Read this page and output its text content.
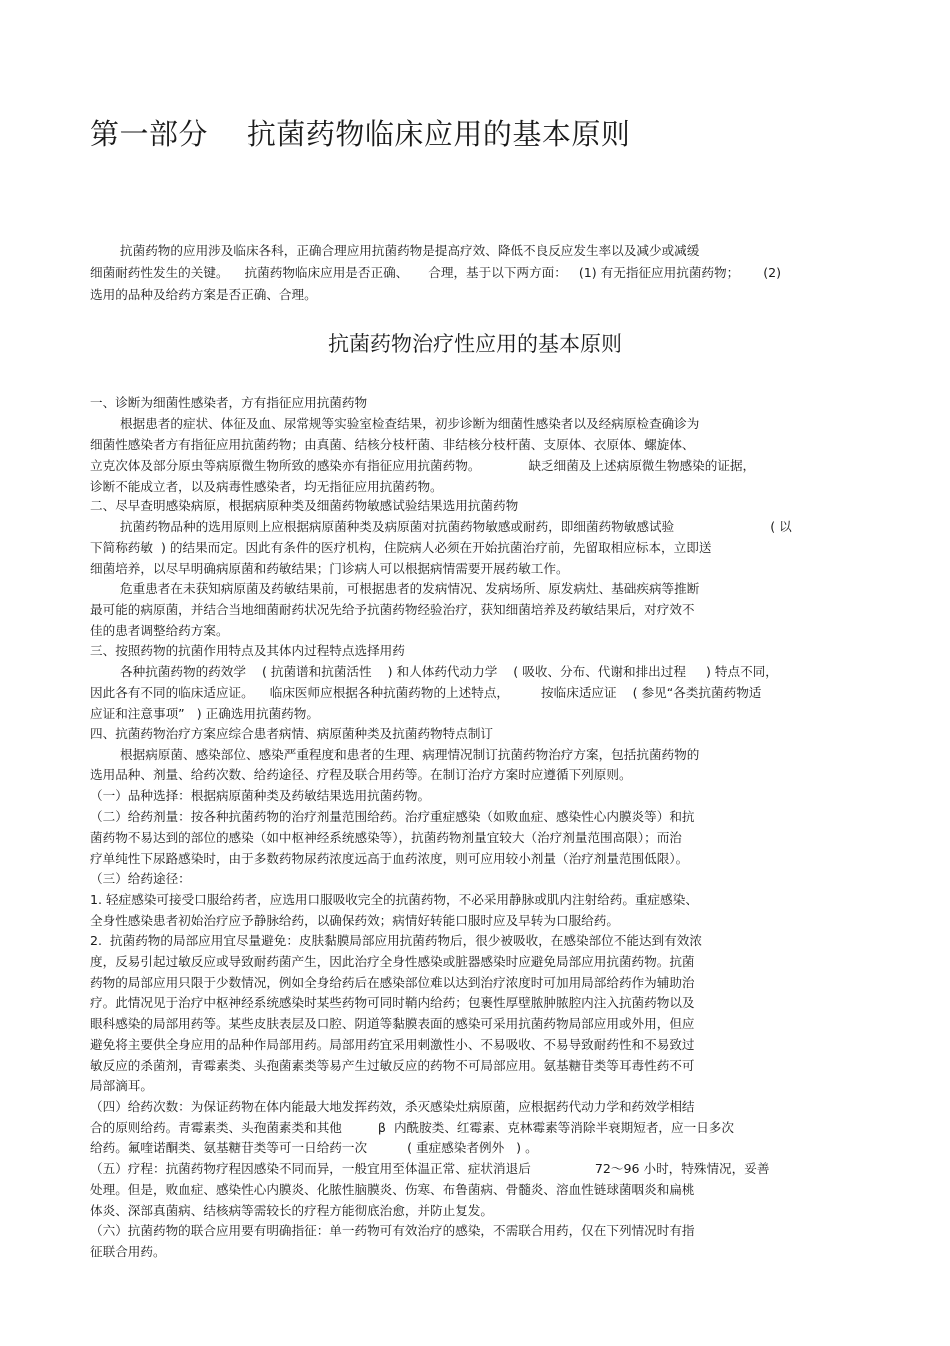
第一部分    抗菌药物临床应用的基本原则

抗菌药物的应用涉及临床各科，正确合理应用抗菌药物是提高疗效、降低不良反应发生率以及减少或减缓

细菌耐药性发生的关键。    抗菌药物临床应用是否正确、     合理，基于以下两方面：   (1) 有无指征应用抗菌药物；      (2)

选用的品种及给药方案是否正确、合理。

抗菌药物治疗性应用的基本原则

一、诊断为细菌性感染者，方有指征应用抗菌药物

根据患者的症状、体征及血、尿常规等实验室检查结果，初步诊断为细菌性感染者以及经病原检查确诊为

细菌性感染者方有指征应用抗菌药物；由真菌、结核分枝杆菌、非结核分枝杆菌、支原体、衣原体、螺旋体、

立克次体及部分原虫等病原微生物所致的感染亦有指征应用抗菌药物。            缺乏细菌及上述病原微生物感染的证据，

诊断不能成立者，以及病毒性感染者，均无指征应用抗菌药物。

二、尽早查明感染病原，根据病原种类及细菌药物敏感试验结果选用抗菌药物

抗菌药物品种的选用原则上应根据病原菌种类及病原菌对抗菌药物敏感或耐药，即细菌药物敏感试验                        ( 以

下简称药敏  ) 的结果而定。因此有条件的医疗机构，住院病人必须在开始抗菌治疗前，先留取相应标本，立即送

细菌培养，以尽早明确病原菌和药敏结果；门诊病人可以根据病情需要开展药敏工作。

危重患者在未获知病原菌及药敏结果前，可根据患者的发病情况、发病场所、原发病灶、基础疾病等推断

最可能的病原菌，并结合当地细菌耐药状况先给予抗菌药物经验治疗，获知细菌培养及药敏结果后，对疗效不

佳的患者调整给药方案。

三、按照药物的抗菌作用特点及其体内过程特点选择用药

各种抗菌药物的药效学    ( 抗菌谱和抗菌活性    ) 和人体药代动力学    ( 吸收、分布、代谢和排出过程     ) 特点不同，

因此各有不同的临床适应证。    临床医师应根据各种抗菌药物的上述特点，        按临床适应证    ( 参见“各类抗菌药物适

应证和注意事项”   ) 正确选用抗菌药物。

四、抗菌药物治疗方案应综合患者病情、病原菌种类及抗菌药物特点制订

根据病原菌、感染部位、感染严重程度和患者的生理、病理情况制订抗菌药物治疗方案，包括抗菌药物的

选用品种、剂量、给药次数、给药途径、疗程及联合用药等。在制订治疗方案时应遵循下列原则。

（一）品种选择：根据病原菌种类及药敏结果选用抗菌药物。

（二）给药剂量：按各种抗菌药物的治疗剂量范围给药。治疗重症感染（如败血症、感染性心内膜炎等）和抗

菌药物不易达到的部位的感染（如中枢神经系统感染等），抗菌药物剂量宜较大（治疗剂量范围高限）；而治

疗单纯性下尿路感染时，由于多数药物尿药浓度远高于血药浓度，则可应用较小剂量（治疗剂量范围低限）。

（三）给药途径：

1. 轻症感染可接受口服给药者，应选用口服吸收完全的抗菌药物，不必采用静脉或肌内注射给药。重症感染、

全身性感染患者初始治疗应予静脉给药，以确保药效；病情好转能口服时应及早转为口服给药。

2.  抗菌药物的局部应用宜尽量避免：皮肤黏膜局部应用抗菌药物后，很少被吸收，在感染部位不能达到有效浓

度，反易引起过敏反应或导致耐药菌产生，因此治疗全身性感染或脏器感染时应避免局部应用抗菌药物。抗菌

药物的局部应用只限于少数情况，例如全身给药后在感染部位难以达到治疗浓度时可加用局部给药作为辅助治

疗。此情况见于治疗中枢神经系统感染时某些药物可同时鞘内给药；包裹性厚壁脓肿脓腔内注入抗菌药物以及

眼科感染的局部用药等。某些皮肤表层及口腔、阴道等黏膜表面的感染可采用抗菌药物局部应用或外用，但应

避免将主要供全身应用的品种作局部用药。局部用药宜采用刺激性小、不易吸收、不易导致耐药性和不易致过

敏反应的杀菌剂，青霉素类、头孢菌素类等易产生过敏反应的药物不可局部应用。氨基糖苷类等耳毒性药不可

局部滴耳。

（四）给药次数：为保证药物在体内能最大地发挥药效，杀灭感染灶病原菌，应根据药代动力学和药效学相结

合的原则给药。青霉素类、头孢菌素类和其他         β  内酰胺类、红霉素、克林霉素等消除半衰期短者，应一日多次

给药。氟喹诺酮类、氨基糖苷类等可一日给药一次          ( 重症感染者例外   ) 。

（五）疗程：抗菌药物疗程因感染不同而异，一般宜用至体温正常、症状消退后                72～96 小时，特殊情况，妥善

处理。但是，败血症、感染性心内膜炎、化脓性脑膜炎、伤寒、布鲁菌病、骨髓炎、溶血性链球菌咽炎和扁桃

体炎、深部真菌病、结核病等需较长的疗程方能彻底治愈，并防止复发。

（六）抗菌药物的联合应用要有明确指征：单一药物可有效治疗的感染，不需联合用药，仅在下列情况时有指

征联合用药。
